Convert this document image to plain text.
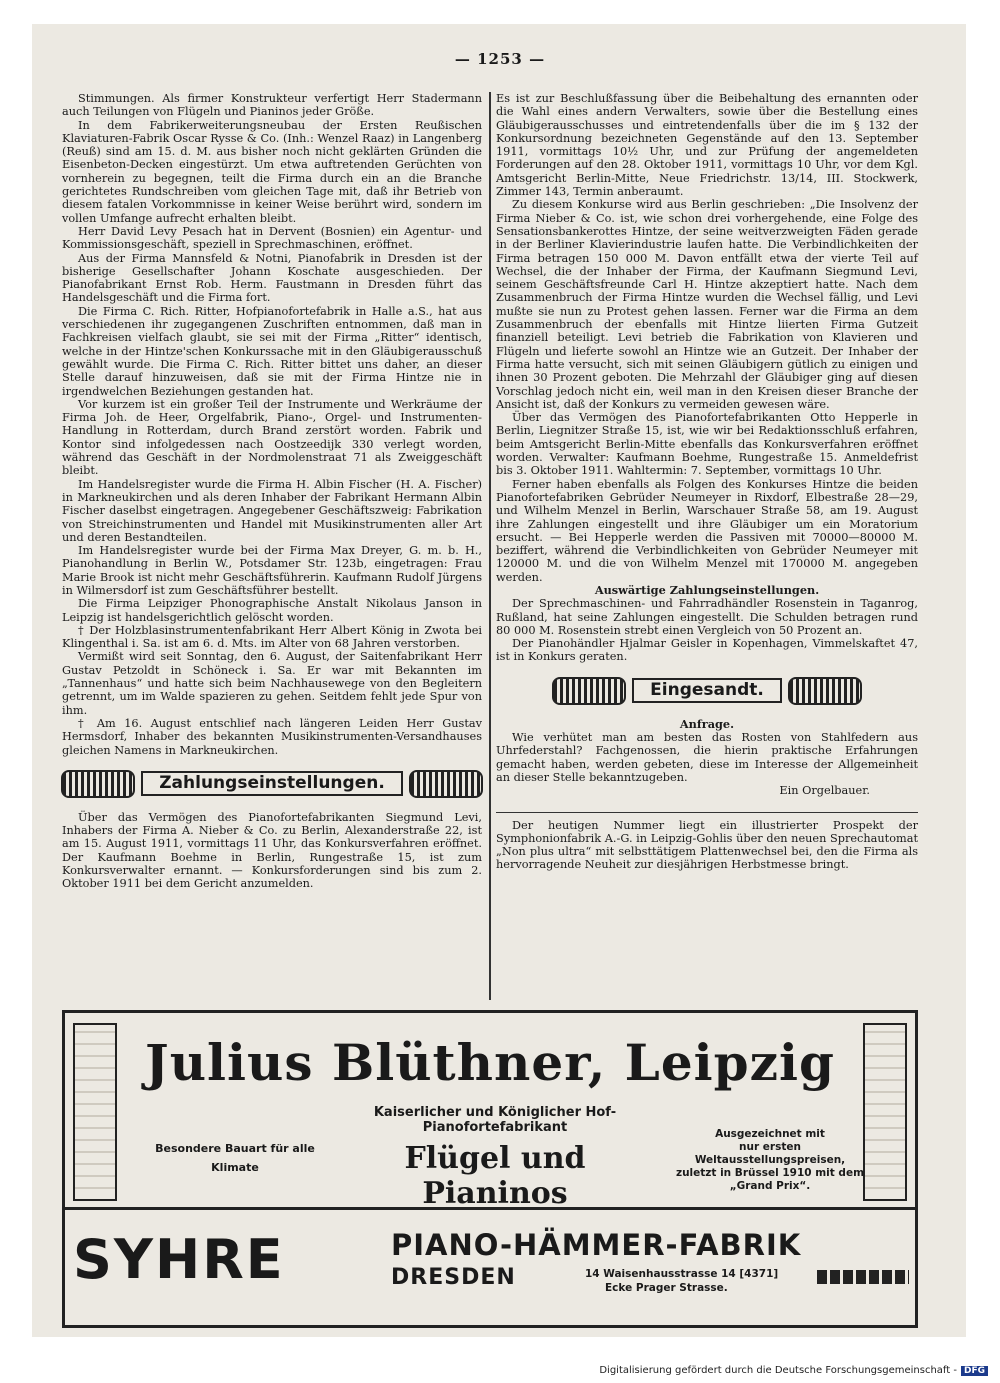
— 1253 —

Stimmungen. Als firmer Konstrukteur verfertigt Herr Stadermann auch Teilungen von Flügeln und Pianinos jeder Größe.

In dem Fabrikerweiterungsneubau der Ersten Reußischen Klaviaturen-Fabrik Oscar Rysse & Co. (Inh.: Wenzel Raaz) in Langenberg (Reuß) sind am 15. d. M. aus bisher noch nicht geklärten Gründen die Eisenbeton-Decken eingestürzt. Um etwa auftretenden Gerüchten von vornherein zu begegnen, teilt die Firma durch ein an die Branche gerichtetes Rundschreiben vom gleichen Tage mit, daß ihr Betrieb von diesem fatalen Vorkommnisse in keiner Weise berührt wird, sondern im vollen Umfange aufrecht erhalten bleibt.

Herr David Levy Pesach hat in Dervent (Bosnien) ein Agentur- und Kommissionsgeschäft, speziell in Sprechmaschinen, eröffnet.

Aus der Firma Mannsfeld & Notni, Pianofabrik in Dresden ist der bisherige Gesellschafter Johann Koschate ausgeschieden. Der Pianofabrikant Ernst Rob. Herm. Faustmann in Dresden führt das Handelsgeschäft und die Firma fort.

Die Firma C. Rich. Ritter, Hofpianofortefabrik in Halle a.S., hat aus verschiedenen ihr zugegangenen Zuschriften entnommen, daß man in Fachkreisen vielfach glaubt, sie sei mit der Firma „Ritter“ identisch, welche in der Hintze'schen Konkurssache mit in den Gläubigerausschuß gewählt wurde. Die Firma C. Rich. Ritter bittet uns daher, an dieser Stelle darauf hinzuweisen, daß sie mit der Firma Hintze nie in irgendwelchen Beziehungen gestanden hat.

Vor kurzem ist ein großer Teil der Instrumente und Werkräume der Firma Joh. de Heer, Orgelfabrik, Piano-, Orgel- und Instrumenten-Handlung in Rotterdam, durch Brand zerstört worden. Fabrik und Kontor sind infolgedessen nach Oostzeedijk 330 verlegt worden, während das Geschäft in der Nordmolenstraat 71 als Zweiggeschäft bleibt.

Im Handelsregister wurde die Firma H. Albin Fischer (H. A. Fischer) in Markneukirchen und als deren Inhaber der Fabrikant Hermann Albin Fischer daselbst eingetragen. Angegebener Geschäftszweig: Fabrikation von Streichinstrumenten und Handel mit Musikinstrumenten aller Art und deren Bestandteilen.

Im Handelsregister wurde bei der Firma Max Dreyer, G. m. b. H., Pianohandlung in Berlin W., Potsdamer Str. 123b, eingetragen: Frau Marie Brook ist nicht mehr Geschäftsführerin. Kaufmann Rudolf Jürgens in Wilmersdorf ist zum Geschäftsführer bestellt.

Die Firma Leipziger Phonographische Anstalt Nikolaus Janson in Leipzig ist handelsgerichtlich gelöscht worden.

† Der Holzblasinstrumentenfabrikant Herr Albert König in Zwota bei Klingenthal i. Sa. ist am 6. d. Mts. im Alter von 68 Jahren verstorben.

Vermißt wird seit Sonntag, den 6. August, der Saitenfabrikant Herr Gustav Petzoldt in Schöneck i. Sa. Er war mit Bekannten im „Tannenhaus“ und hatte sich beim Nachhausewege von den Begleitern getrennt, um im Walde spazieren zu gehen. Seitdem fehlt jede Spur von ihm.

† Am 16. August entschlief nach längeren Leiden Herr Gustav Hermsdorf, Inhaber des bekannten Musikinstrumenten-Versandhauses gleichen Namens in Markneukirchen.

Zahlungseinstellungen.

Über das Vermögen des Pianofortefabrikanten Siegmund Levi, Inhabers der Firma A. Nieber & Co. zu Berlin, Alexanderstraße 22, ist am 15. August 1911, vormittags 11 Uhr, das Konkursverfahren eröffnet. Der Kaufmann Boehme in Berlin, Rungestraße 15, ist zum Konkursverwalter ernannt. — Konkursforderungen sind bis zum 2. Oktober 1911 bei dem Gericht anzumelden.

Es ist zur Beschlußfassung über die Beibehaltung des ernannten oder die Wahl eines andern Verwalters, sowie über die Bestellung eines Gläubigerausschusses und eintretendenfalls über die im § 132 der Konkursordnung bezeichneten Gegenstände auf den 13. September 1911, vormittags 10½ Uhr, und zur Prüfung der angemeldeten Forderungen auf den 28. Oktober 1911, vormittags 10 Uhr, vor dem Kgl. Amtsgericht Berlin-Mitte, Neue Friedrichstr. 13/14, III. Stockwerk, Zimmer 143, Termin anberaumt.

Zu diesem Konkurse wird aus Berlin geschrieben: „Die Insolvenz der Firma Nieber & Co. ist, wie schon drei vorhergehende, eine Folge des Sensationsbankerottes Hintze, der seine weitverzweigten Fäden gerade in der Berliner Klavierindustrie laufen hatte. Die Verbindlichkeiten der Firma betragen 150 000 M. Davon entfällt etwa der vierte Teil auf Wechsel, die der Inhaber der Firma, der Kaufmann Siegmund Levi, seinem Geschäftsfreunde Carl H. Hintze akzeptiert hatte. Nach dem Zusammenbruch der Firma Hintze wurden die Wechsel fällig, und Levi mußte sie nun zu Protest gehen lassen. Ferner war die Firma an dem Zusammenbruch der ebenfalls mit Hintze liierten Firma Gutzeit finanziell beteiligt. Levi betrieb die Fabrikation von Klavieren und Flügeln und lieferte sowohl an Hintze wie an Gutzeit. Der Inhaber der Firma hatte versucht, sich mit seinen Gläubigern gütlich zu einigen und ihnen 30 Prozent geboten. Die Mehrzahl der Gläubiger ging auf diesen Vorschlag jedoch nicht ein, weil man in den Kreisen dieser Branche der Ansicht ist, daß der Konkurs zu vermeiden gewesen wäre.

Über das Vermögen des Pianofortefabrikanten Otto Hepperle in Berlin, Liegnitzer Straße 15, ist, wie wir bei Redaktionsschluß erfahren, beim Amtsgericht Berlin-Mitte ebenfalls das Konkursverfahren eröffnet worden. Verwalter: Kaufmann Boehme, Rungestraße 15. Anmeldefrist bis 3. Oktober 1911. Wahltermin: 7. September, vormittags 10 Uhr.

Ferner haben ebenfalls als Folgen des Konkurses Hintze die beiden Pianofortefabriken Gebrüder Neumeyer in Rixdorf, Elbestraße 28—29, und Wilhelm Menzel in Berlin, Warschauer Straße 58, am 19. August ihre Zahlungen eingestellt und ihre Gläubiger um ein Moratorium ersucht. — Bei Hepperle werden die Passiven mit 70000—80000 M. beziffert, während die Verbindlichkeiten von Gebrüder Neumeyer mit 120000 M. und die von Wilhelm Menzel mit 170000 M. angegeben werden.

Auswärtige Zahlungseinstellungen.

Der Sprechmaschinen- und Fahrradhändler Rosenstein in Taganrog, Rußland, hat seine Zahlungen eingestellt. Die Schulden betragen rund 80 000 M. Rosenstein strebt einen Vergleich von 50 Prozent an.

Der Pianohändler Hjalmar Geisler in Kopenhagen, Vimmelskaftet 47, ist in Konkurs geraten.

Eingesandt.

Anfrage.

Wie verhütet man am besten das Rosten von Stahlfedern aus Uhrfederstahl? Fachgenossen, die hierin praktische Erfahrungen gemacht haben, werden gebeten, diese im Interesse der Allgemeinheit an dieser Stelle bekanntzugeben.

Ein Orgelbauer.

Der heutigen Nummer liegt ein illustrierter Prospekt der Symphonionfabrik A.-G. in Leipzig-Gohlis über den neuen Sprechautomat „Non plus ultra“ mit selbsttätigem Plattenwechsel bei, den die Firma als hervorragende Neuheit zur diesjährigen Herbstmesse bringt.

Julius Blüthner, Leipzig
Kaiserlicher und Königlicher Hof-Pianofortefabrikant
Besondere Bauart für alle
Klimate	Flügel und Pianinos
Ausgezeichnet mit
nur ersten Weltausstellungspreisen,
zuletzt in Brüssel 1910 mit dem
„Grand Prix“.
SYHRE	PIANO-HÄMMER-FABRIK
DRESDEN	14 Waisenhausstrasse 14 [4371]
Ecke Prager Strasse.
Digitalisierung gefördert durch die Deutsche Forschungsgemeinschaft - DFG
